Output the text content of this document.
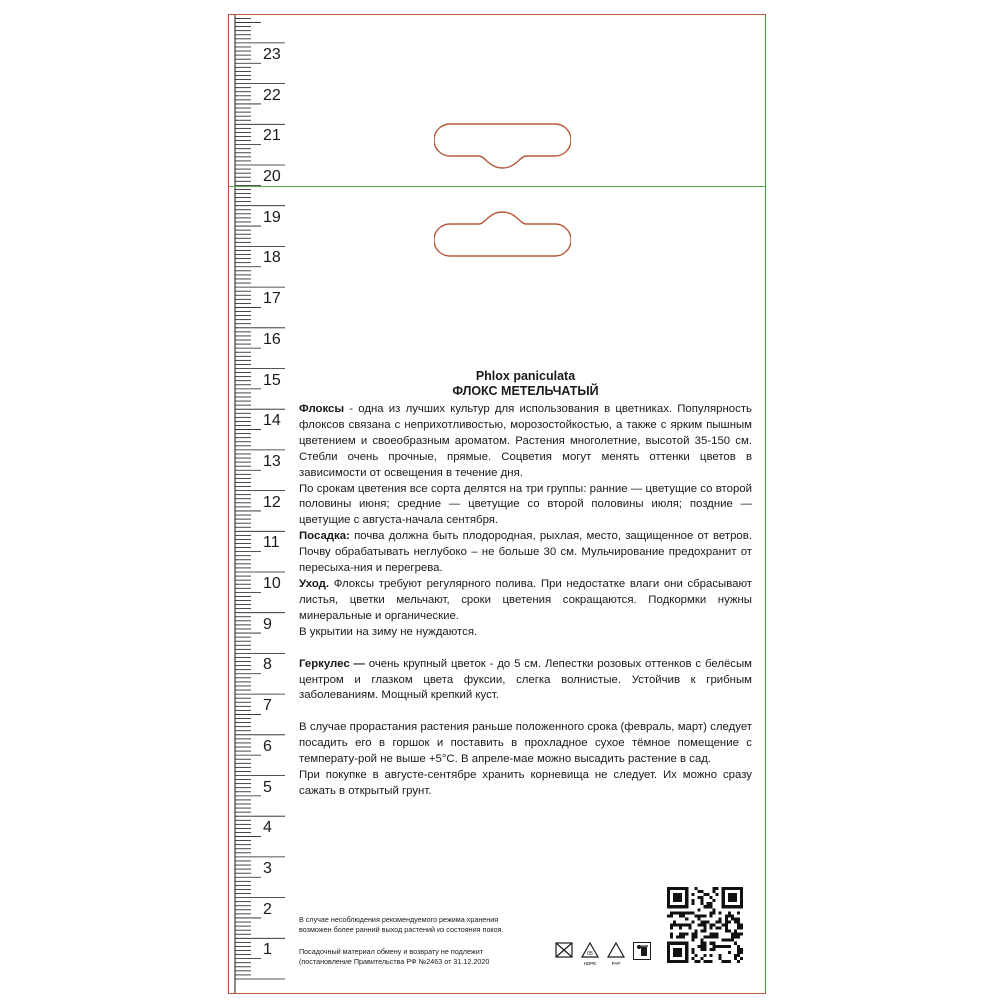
23
22
21
20
19
18
17
16
15
14
13
12
11
10
9
8
7
6
5
4
3
2
1
Phlox paniculata
ФЛОКС МЕТЕЛЬЧАТЫЙ

Флоксы - одна из лучших культур для использования в цветниках. Популярность флоксов связана с неприхотливостью, морозостойкостью, а также с ярким пышным цветением и своеобразным ароматом. Растения многолетние, высотой 35-150 см. Стебли очень прочные, прямые. Соцветия могут менять оттенки цветов в зависимости от освещения в течение дня.

По срокам цветения все сорта делятся на три группы: ранние — цветущие со второй половины июня; средние — цветущие со второй половины июля; поздние — цветущие с августа-начала сентября.

Посадка: почва должна быть плодородная, рыхлая, место, защищенное от ветров. Почву обрабатывать неглубоко – не больше 30 см. Мульчирование предохранит от пересыха-ния и перегрева.

Уход. Флоксы требуют регулярного полива. При недостатке влаги они сбрасывают листья, цветки мельчают, сроки цветения сокращаются. Подкормки нужны минеральные и органические.

В укрытии на зиму не нуждаются.

Геркулес — очень крупный цветок - до 5 см. Лепестки розовых оттенков с белёсым центром и глазком цвета фуксии, слегка волнистые. Устойчив к грибным заболеваниям. Мощный крепкий куст.

В случае прорастания растения раньше положенного срока (февраль, март) следует посадить его в горшок и поставить в прохладное сухое тёмное помещение с температу-рой не выше +5°С. В апреле-мае можно высадить растение в сад.

При покупке в августе-сентябре хранить корневища не следует. Их можно сразу сажать в открытый грунт.

В случае несоблюдения рекомендуемого режима хранения
возможен более ранний выход растений из состояния покоя.
Посадочный материал обмену и возврату не подлежит
(постановление Правительства РФ №2463 от 31.12.2020
05
HDPE	PAP
